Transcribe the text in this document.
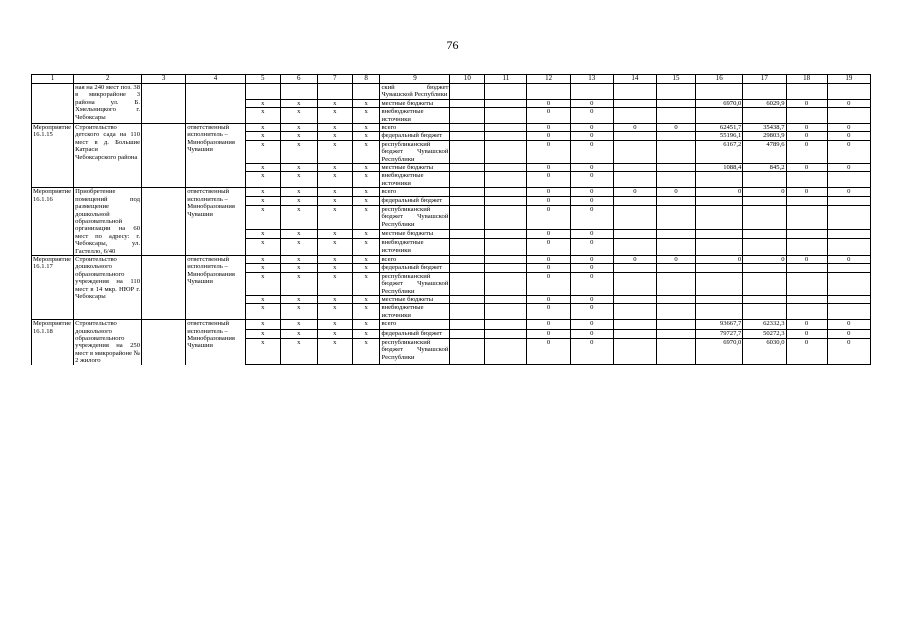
76
1	2	3	4	5	6	7	8	9	10	11	12	13	14	15	16	17	18	19
	ная на 240 мест поз. 38 в микрорайоне 3 района ул. Б. Хмельницкого г. Чебоксары							ский бюджет Чувашской Республики										
				x	x	x	x	местные бюджеты			0	0			6970,0	6029,9	0	0
				x	x	x	x	внебюджетные источники			0	0						
Мероприятие 16.1.15	Строительство детского сада на 110 мест в д. Большие Катраси Чебоксарского района		ответственный исполнитель – Минобразования Чувашии	x	x	x	x	всего			0	0	0	0	62451,7	35438,7	0	0
				x	x	x	x	федеральный бюджет			0	0			55196,1	29803,9	0	0
				x	x	x	x	республиканский бюджет Чувашской Республики			0	0			6167,2	4789,6	0	0
				x	x	x	x	местные бюджеты			0	0			1088,4	845,2	0	0
				x	x	x	x	внебюджетные источники			0	0						
Мероприятие 16.1.16	Приобретение помещений под размещение дошкольной образовательной организации на 60 мест по адресу: г. Чебоксары, ул. Гастелло, 6/40		ответственный исполнитель – Минобразования Чувашии	x	x	x	x	всего			0	0	0	0	0	0	0	0
				x	x	x	x	федеральный бюджет			0	0						
				x	x	x	x	республиканский бюджет Чувашской Республики			0	0						
				x	x	x	x	местные бюджеты			0	0						
				x	x	x	x	внебюджетные источники			0	0						
Мероприятие 16.1.17	Строительство дошкольного образовательного учреждения на 110 мест в 14 мкр. НЮР г. Чебоксары		ответственный исполнитель – Минобразования Чувашии	x	x	x	x	всего			0	0	0	0	0	0	0	0
				x	x	x	x	федеральный бюджет			0	0						
				x	x	x	x	республиканский бюджет Чувашской Республики			0	0						
				x	x	x	x	местные бюджеты			0	0						
				x	x	x	x	внебюджетные источники			0	0						
Мероприятие 16.1.18	Строительство дошкольного образовательного учреждения на 250 мест в микрорайоне № 2 жилого		ответственный исполнитель – Минобразования Чувашии	x	x	x	x	всего			0	0			93667,7	62332,3	0	0
				x	x	x	x	федеральный бюджет			0	0			79727,7	50272,3	0	0
				x	x	x	x	республиканский бюджет Чувашской Республики			0	0			6970,0	6030,0	0	0
